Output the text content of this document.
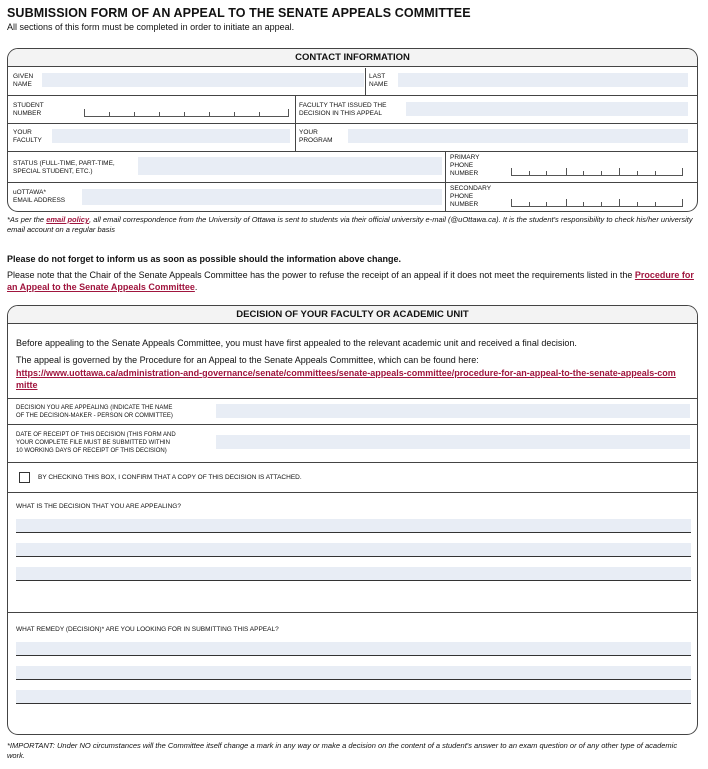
SUBMISSION FORM OF AN APPEAL TO THE SENATE APPEALS COMMITTEE
All sections of this form must be completed in order to initiate an appeal.
CONTACT INFORMATION
GIVEN
NAME
LAST
NAME
STUDENT
NUMBER
FACULTY THAT ISSUED THE
DECISION IN THIS APPEAL
YOUR
FACULTY
YOUR
PROGRAM
STATUS (FULL-TIME, PART-TIME,
SPECIAL STUDENT, ETC.)
PRIMARY
PHONE
NUMBER
uOTTAWA*
EMAIL ADDRESS
SECONDARY
PHONE
NUMBER
*As per the email policy, all email correspondence from the University of Ottawa is sent to students via their official university e-mail (@uOttawa.ca). It is the student's responsibility to check his/her university email account on a regular basis
Please do not forget to inform us as soon as possible should the information above change.
Please note that the Chair of the Senate Appeals Committee has the power to refuse the receipt of an appeal if it does not meet the requirements listed in the Procedure for an Appeal to the Senate Appeals Committee.
DECISION OF YOUR FACULTY OR ACADEMIC UNIT
Before appealing to the Senate Appeals Committee, you must have first appealed to the relevant academic unit and received a final decision.
The appeal is governed by the Procedure for an Appeal to the Senate Appeals Committee, which can be found here:
https://www.uottawa.ca/administration-and-governance/senate/committees/senate-appeals-committee/procedure-for-an-appeal-to-the-senate-appeals-committe
DECISION YOU ARE APPEALING (INDICATE THE NAME
OF THE DECISION-MAKER - PERSON OR COMMITTEE)
DATE OF RECEIPT OF THIS DECISION (THIS FORM AND
YOUR COMPLETE FILE MUST BE SUBMITTED WITHIN
10 WORKING DAYS OF RECEIPT OF THIS DECISION)
BY CHECKING THIS BOX, I CONFIRM THAT A COPY OF THIS DECISION IS ATTACHED.
WHAT IS THE DECISION THAT YOU ARE APPEALING?
WHAT REMEDY (DECISION)* ARE YOU LOOKING FOR IN SUBMITTING THIS APPEAL?
*IMPORTANT: Under NO circumstances will the Committee itself change a mark in any way or make a decision on the content of a student's answer to an exam question or of any other type of academic work.
